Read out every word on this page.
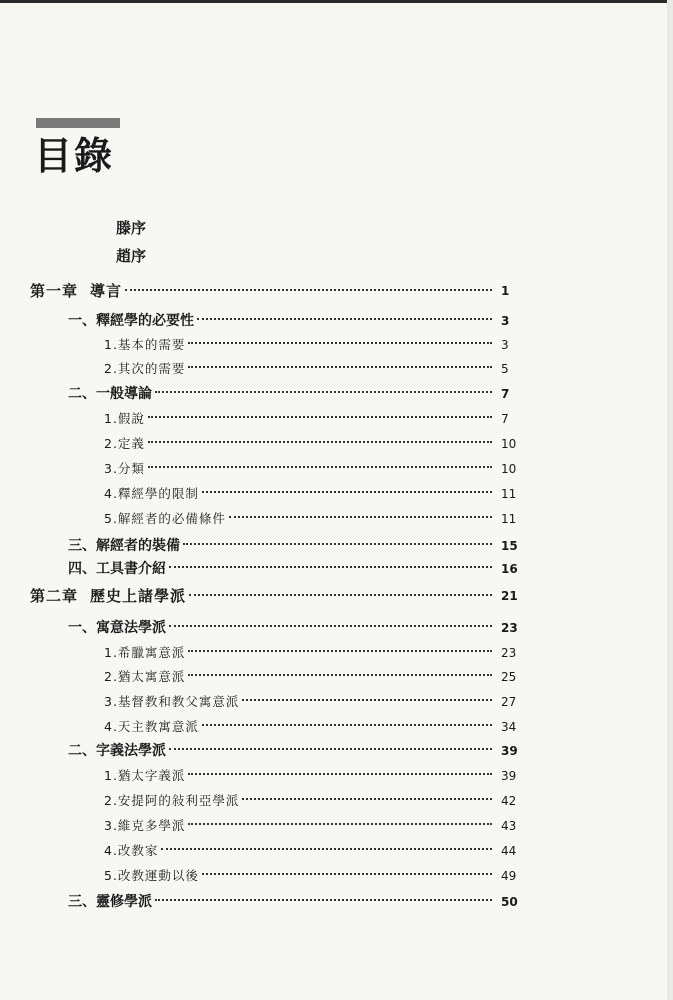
目錄
滕序
趙序
第一章 導言	1
一、釋經學的必要性	3
1.基本的需要	3
2.其次的需要	5
二、一般導論	7
1.假說	7
2.定義	10
3.分類	10
4.釋經學的限制	11
5.解經者的必備條件	11
三、解經者的裝備	15
四、工具書介紹	16
第二章 歷史上諸學派	21
一、寓意法學派	23
1.希臘寓意派	23
2.猶太寓意派	25
3.基督教和教父寓意派	27
4.天主教寓意派	34
二、字義法學派	39
1.猶太字義派	39
2.安提阿的敍利亞學派	42
3.維克多學派	43
4.改教家	44
5.改教運動以後	49
三、靈修學派	50
